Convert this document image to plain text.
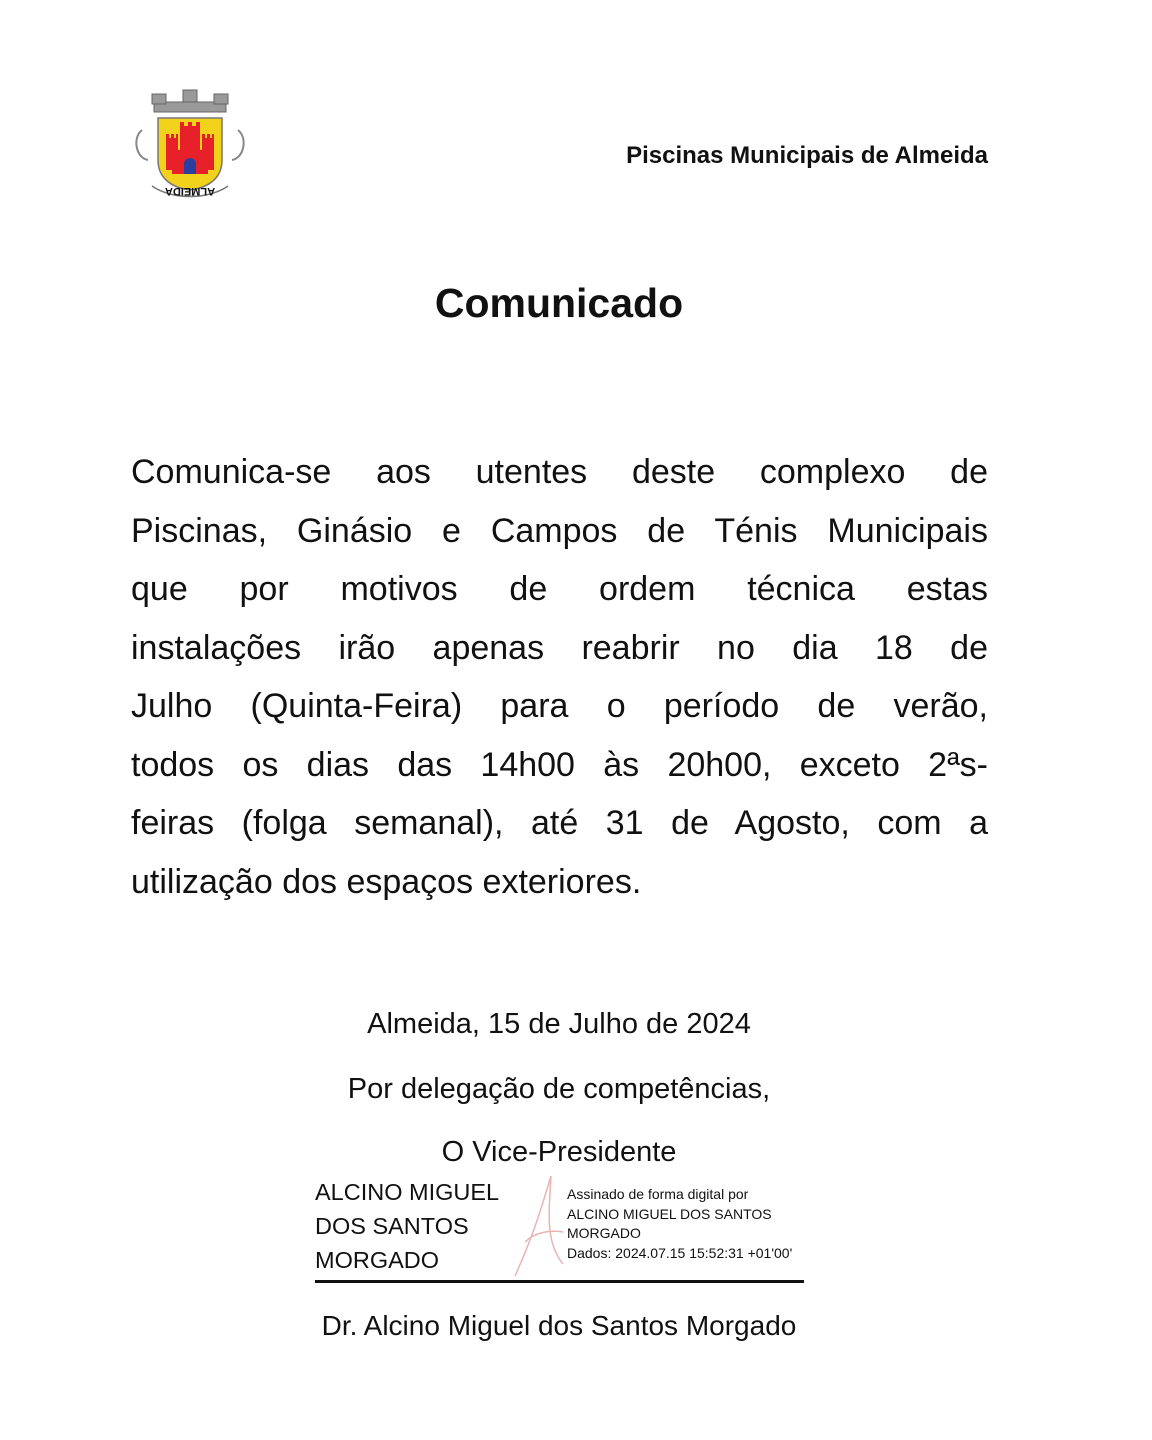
ALMEIDA
Piscinas Municipais de Almeida
Comunicado
Comunica-se aos utentes deste complexo de
Piscinas, Ginásio e Campos de Ténis Municipais
que por motivos de ordem técnica estas
instalações irão apenas reabrir no dia 18 de
Julho (Quinta-Feira) para o período de verão,
todos os dias das 14h00 às 20h00, exceto 2ªs-
feiras (folga semanal), até 31 de Agosto, com a
utilização dos espaços exteriores.
Almeida, 15 de Julho de 2024
Por delegação de competências,
O Vice-Presidente
ALCINO MIGUEL
DOS SANTOS
MORGADO
Assinado de forma digital por
ALCINO MIGUEL DOS SANTOS
MORGADO
Dados: 2024.07.15 15:52:31 +01'00'
Dr. Alcino Miguel dos Santos Morgado
